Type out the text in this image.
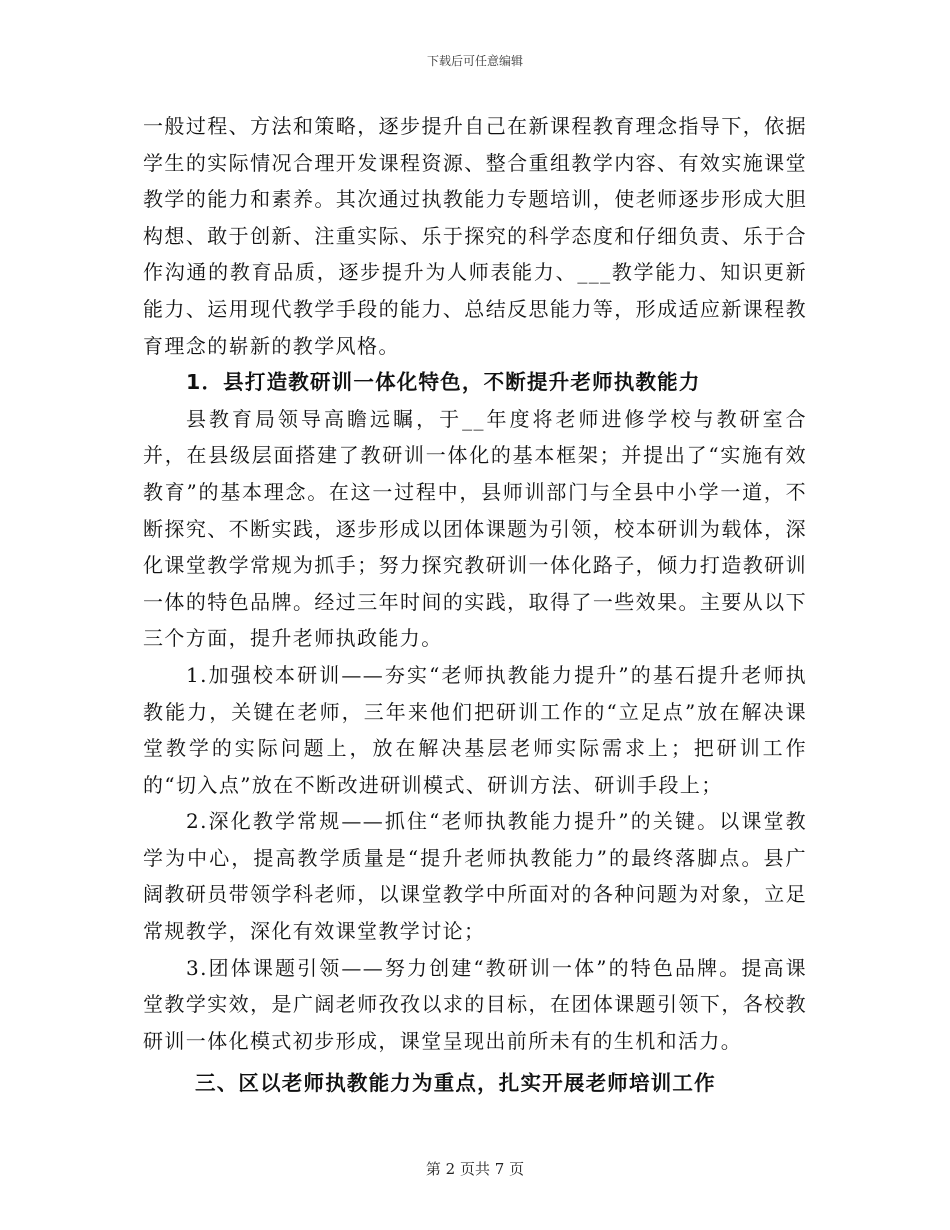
下载后可任意编辑

一般过程、方法和策略，逐步提升自己在新课程教育理念指导下，依据学生的实际情况合理开发课程资源、整合重组教学内容、有效实施课堂教学的能力和素养。其次通过执教能力专题培训，使老师逐步形成大胆构想、敢于创新、注重实际、乐于探究的科学态度和仔细负责、乐于合作沟通的教育品质，逐步提升为人师表能力、___教学能力、知识更新能力、运用现代教学手段的能力、总结反思能力等，形成适应新课程教育理念的崭新的教学风格。

1．县打造教研训一体化特色，不断提升老师执教能力

县教育局领导高瞻远瞩，于__年度将老师进修学校与教研室合并，在县级层面搭建了教研训一体化的基本框架；并提出了“实施有效教育”的基本理念。在这一过程中，县师训部门与全县中小学一道，不断探究、不断实践，逐步形成以团体课题为引领，校本研训为载体，深化课堂教学常规为抓手；努力探究教研训一体化路子，倾力打造教研训一体的特色品牌。经过三年时间的实践，取得了一些效果。主要从以下三个方面，提升老师执政能力。

1.加强校本研训——夯实“老师执教能力提升”的基石提升老师执教能力，关键在老师，三年来他们把研训工作的“立足点”放在解决课堂教学的实际问题上，放在解决基层老师实际需求上；把研训工作的“切入点”放在不断改进研训模式、研训方法、研训手段上；

2.深化教学常规——抓住“老师执教能力提升”的关键。以课堂教学为中心，提高教学质量是“提升老师执教能力”的最终落脚点。县广阔教研员带领学科老师，以课堂教学中所面对的各种问题为对象，立足常规教学，深化有效课堂教学讨论；

3.团体课题引领——努力创建“教研训一体”的特色品牌。提高课堂教学实效，是广阔老师孜孜以求的目标，在团体课题引领下，各校教研训一体化模式初步形成，课堂呈现出前所未有的生机和活力。

三、区以老师执教能力为重点，扎实开展老师培训工作
第 2 页共 7 页
